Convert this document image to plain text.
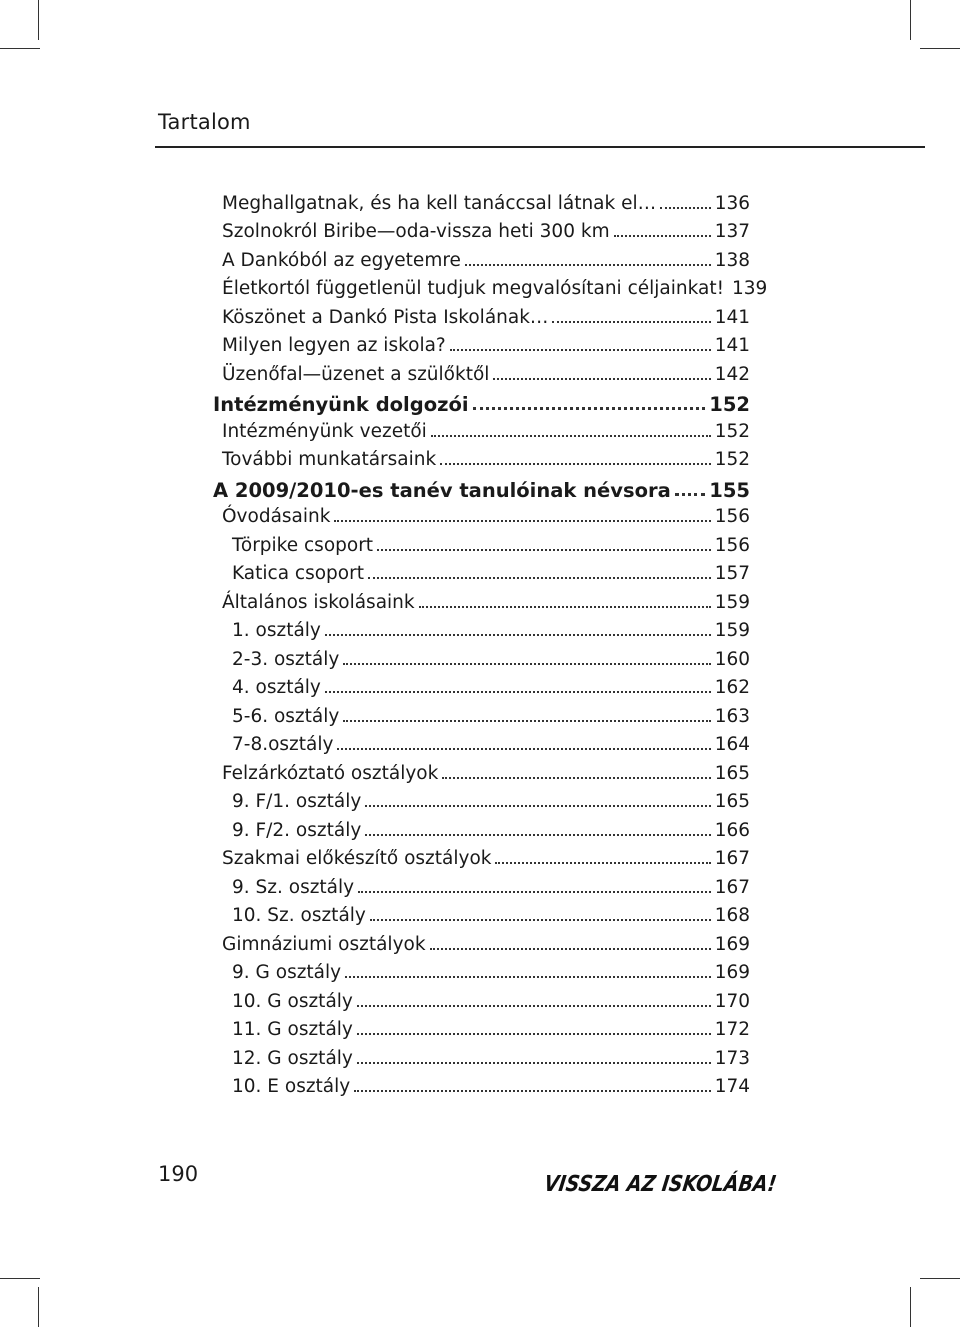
Tartalom
Meghallgatnak, és ha kell tanáccsal látnak el…	136
Szolnokról Biribe—oda-vissza heti 300 km	137
A Dankóból az egyetemre	138
Életkortól függetlenül tudjuk megvalósítani céljainkat! 139
Köszönet a Dankó Pista Iskolának…	141
Milyen legyen az iskola?	141
Üzenőfal—üzenet a szülőktől	142
Intézményünk dolgozói	152
Intézményünk vezetői	152
További munkatársaink	152
A 2009/2010-es tanév tanulóinak névsora 155
Óvodásaink	156
Törpike csoport	156
Katica csoport	157
Általános iskolásaink	159
1. osztály	159
2-3. osztály	160
4. osztály	162
5-6. osztály	163
7-8.osztály	164
Felzárkóztató osztályok	165
9. F/1. osztály	165
9. F/2. osztály	166
Szakmai előkészítő osztályok	167
9. Sz. osztály	167
10. Sz. osztály	168
Gimnáziumi osztályok	169
9. G osztály	169
10. G osztály	170
11. G osztály	172
12. G osztály	173
10. E osztály	174
190	VISSZA AZ ISKOLÁBA!
